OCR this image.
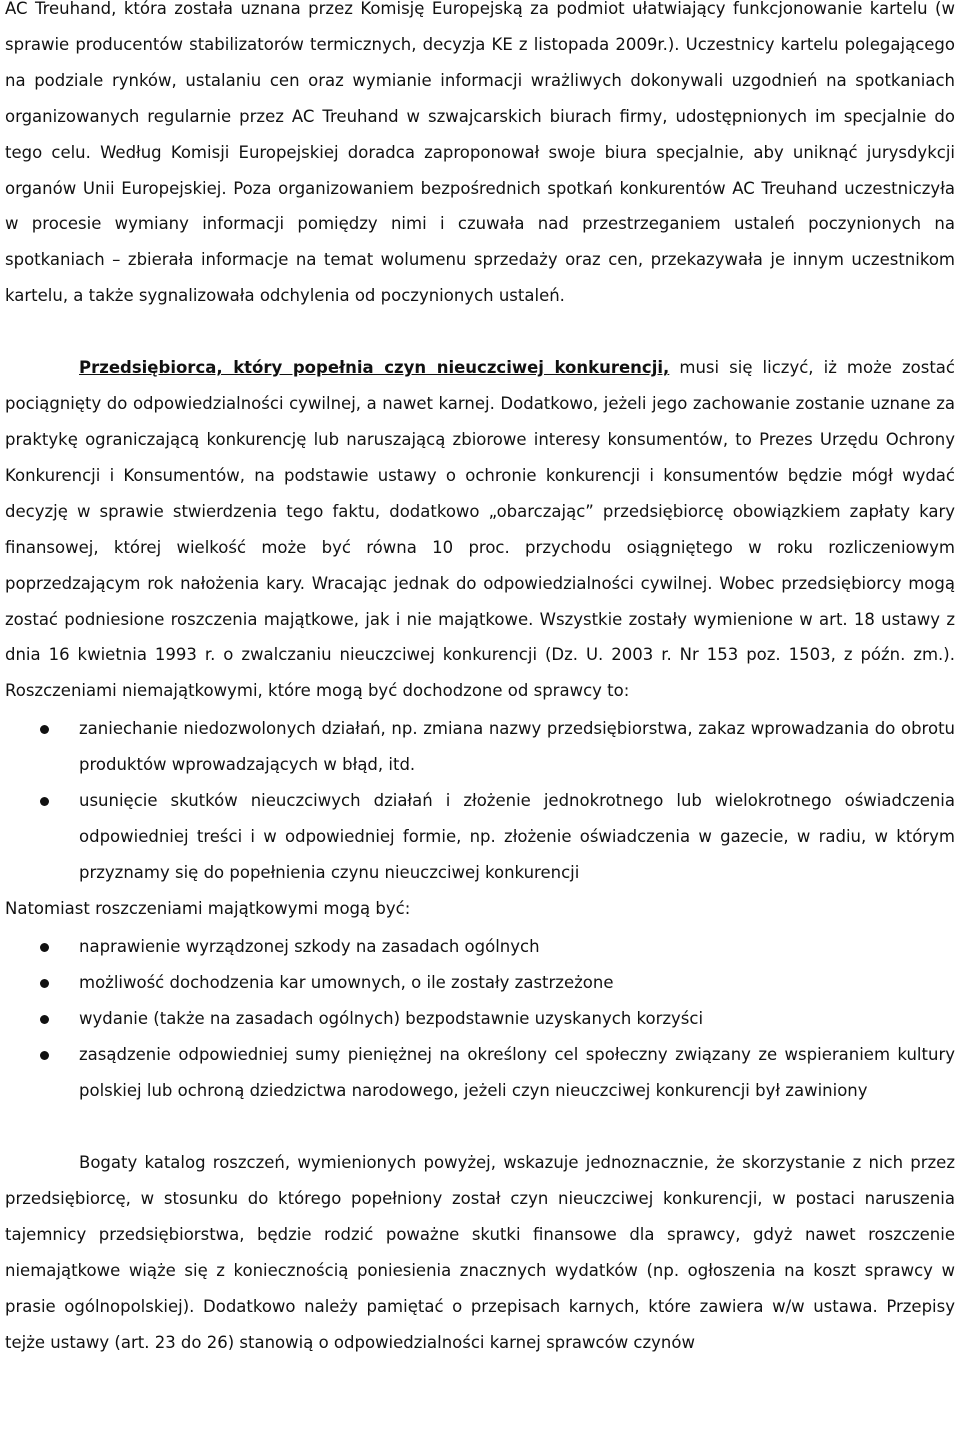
AC Treuhand, która została uznana przez Komisję Europejską za podmiot ułatwiający funkcjonowanie kartelu (w sprawie producentów stabilizatorów termicznych, decyzja KE z listopada 2009r.). Uczestnicy kartelu polegającego na podziale rynków, ustalaniu cen oraz wymianie informacji wrażliwych dokonywali uzgodnień na spotkaniach organizowanych regularnie przez AC Treuhand w szwajcarskich biurach firmy, udostępnionych im specjalnie do tego celu. Według Komisji Europejskiej doradca zaproponował swoje biura specjalnie, aby uniknąć jurysdykcji organów Unii Europejskiej. Poza organizowaniem bezpośrednich spotkań konkurentów AC Treuhand uczestniczyła w procesie wymiany informacji pomiędzy nimi i czuwała nad przestrzeganiem ustaleń poczynionych na spotkaniach – zbierała informacje na temat wolumenu sprzedaży oraz cen, przekazywała je innym uczestnikom kartelu, a także sygnalizowała odchylenia od poczynionych ustaleń.

Przedsiębiorca, który popełnia czyn nieuczciwej konkurencji, musi się liczyć, iż może zostać pociągnięty do odpowiedzialności cywilnej, a nawet karnej. Dodatkowo, jeżeli jego zachowanie zostanie uznane za praktykę ograniczającą konkurencję lub naruszającą zbiorowe interesy konsumentów, to Prezes Urzędu Ochrony Konkurencji i Konsumentów, na podstawie ustawy o ochronie konkurencji i konsumentów będzie mógł wydać decyzję w sprawie stwierdzenia tego faktu, dodatkowo „obarczając” przedsiębiorcę obowiązkiem zapłaty kary finansowej, której wielkość może być równa 10 proc. przychodu osiągniętego w roku rozliczeniowym poprzedzającym rok nałożenia kary. Wracając jednak do odpowiedzialności cywilnej. Wobec przedsiębiorcy mogą zostać podniesione roszczenia majątkowe, jak i nie majątkowe. Wszystkie zostały wymienione w art. 18 ustawy z dnia 16 kwietnia 1993 r. o zwalczaniu nieuczciwej konkurencji (Dz. U. 2003 r. Nr 153 poz. 1503, z późn. zm.). Roszczeniami niemajątkowymi, które mogą być dochodzone od sprawcy to:

zaniechanie niedozwolonych działań, np. zmiana nazwy przedsiębiorstwa, zakaz wprowadzania do obrotu produktów wprowadzających w błąd, itd.
usunięcie skutków nieuczciwych działań i złożenie jednokrotnego lub wielokrotnego oświadczenia odpowiedniej treści i w odpowiedniej formie, np. złożenie oświadczenia w gazecie, w radiu, w którym przyznamy się do popełnienia czynu nieuczciwej konkurencji

Natomiast roszczeniami majątkowymi mogą być:

naprawienie wyrządzonej szkody na zasadach ogólnych
możliwość dochodzenia kar umownych, o ile zostały zastrzeżone
wydanie (także na zasadach ogólnych) bezpodstawnie uzyskanych korzyści
zasądzenie odpowiedniej sumy pieniężnej na określony cel społeczny związany ze wspieraniem kultury polskiej lub ochroną dziedzictwa narodowego, jeżeli czyn nieuczciwej konkurencji był zawiniony

Bogaty katalog roszczeń, wymienionych powyżej, wskazuje jednoznacznie, że skorzystanie z nich przez przedsiębiorcę, w stosunku do którego popełniony został czyn nieuczciwej konkurencji, w postaci naruszenia tajemnicy przedsiębiorstwa, będzie rodzić poważne skutki finansowe dla sprawcy, gdyż nawet roszczenie niemajątkowe wiąże się z koniecznością poniesienia znacznych wydatków (np. ogłoszenia na koszt sprawcy w prasie ogólnopolskiej). Dodatkowo należy pamiętać o przepisach karnych, które zawiera w/w ustawa. Przepisy tejże ustawy (art. 23 do 26) stanowią o odpowiedzialności karnej sprawców czynów
